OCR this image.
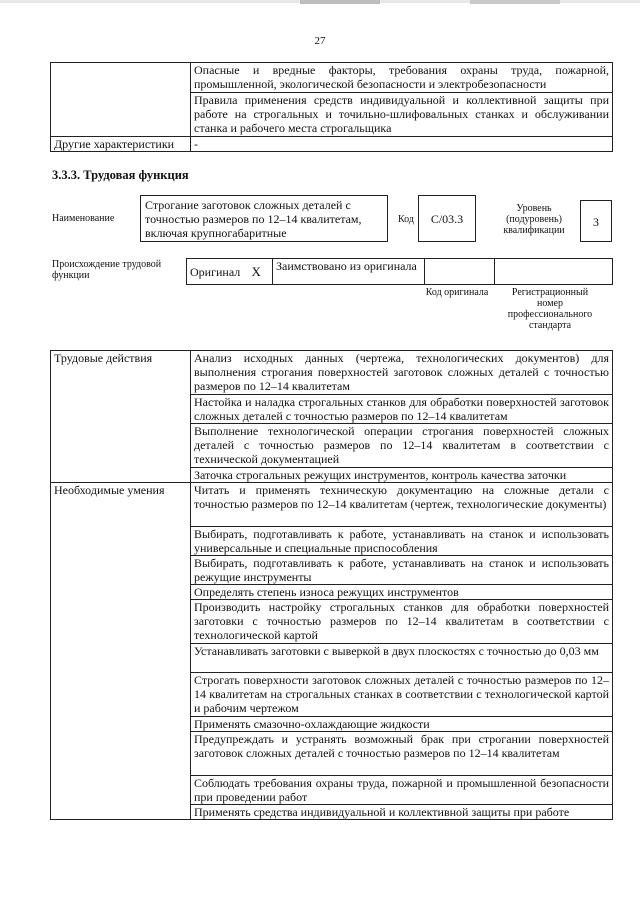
27
	Опасные и вредные факторы, требования охраны труда, пожарной, промышленной, экологической безопасности и электробезопасности
	Правила применения средств индивидуальной и коллективной защиты при работе на строгальных и точильно-шлифовальных станках и обслуживании станка и рабочего места строгальщика
Другие характеристики	-
3.3.3. Трудовая функция
Наименование
Строгание заготовок сложных деталей с точностью размеров по 12–14 квалитетам, включая крупногабаритные
Код	С/03.3
Уровень (подуровень) квалификации
3
Происхождение трудовой функции	Оригинал	X	Заимствовано из оригинала		
Код оригинала	Регистрационный номер профессионального стандарта
Трудовые действия	Анализ исходных данных (чертежа, технологических документов) для выполнения строгания поверхностей заготовок сложных деталей с точностью размеров по 12–14 квалитетам
	Настойка и наладка строгальных станков для обработки поверхностей заготовок сложных деталей с точностью размеров по 12–14 квалитетам
	Выполнение технологической операции строгания поверхностей сложных деталей с точностью размеров по 12–14 квалитетам в соответствии с технической документацией
	Заточка строгальных режущих инструментов, контроль качества заточки
Необходимые умения	Читать и применять техническую документацию на сложные детали с точностью размеров по 12–14 квалитетам (чертеж, технологические документы)
	Выбирать, подготавливать к работе, устанавливать на станок и использовать универсальные и специальные приспособления
	Выбирать, подготавливать к работе, устанавливать на станок и использовать режущие инструменты
	Определять степень износа режущих инструментов
	Производить настройку строгальных станков для обработки поверхностей заготовки с точностью размеров по 12–14 квалитетам в соответствии с технологической картой
	Устанавливать заготовки с выверкой в двух плоскостях с точностью до 0,03 мм
	Строгать поверхности заготовок сложных деталей с точностью размеров по 12–14 квалитетам на строгальных станках в соответствии с технологической картой и рабочим чертежом
	Применять смазочно-охлаждающие жидкости
	Предупреждать и устранять возможный брак при строгании поверхностей заготовок сложных деталей с точностью размеров по 12–14 квалитетам
	Соблюдать требования охраны труда, пожарной и промышленной безопасности при проведении работ
	Применять средства индивидуальной и коллективной защиты при работе
